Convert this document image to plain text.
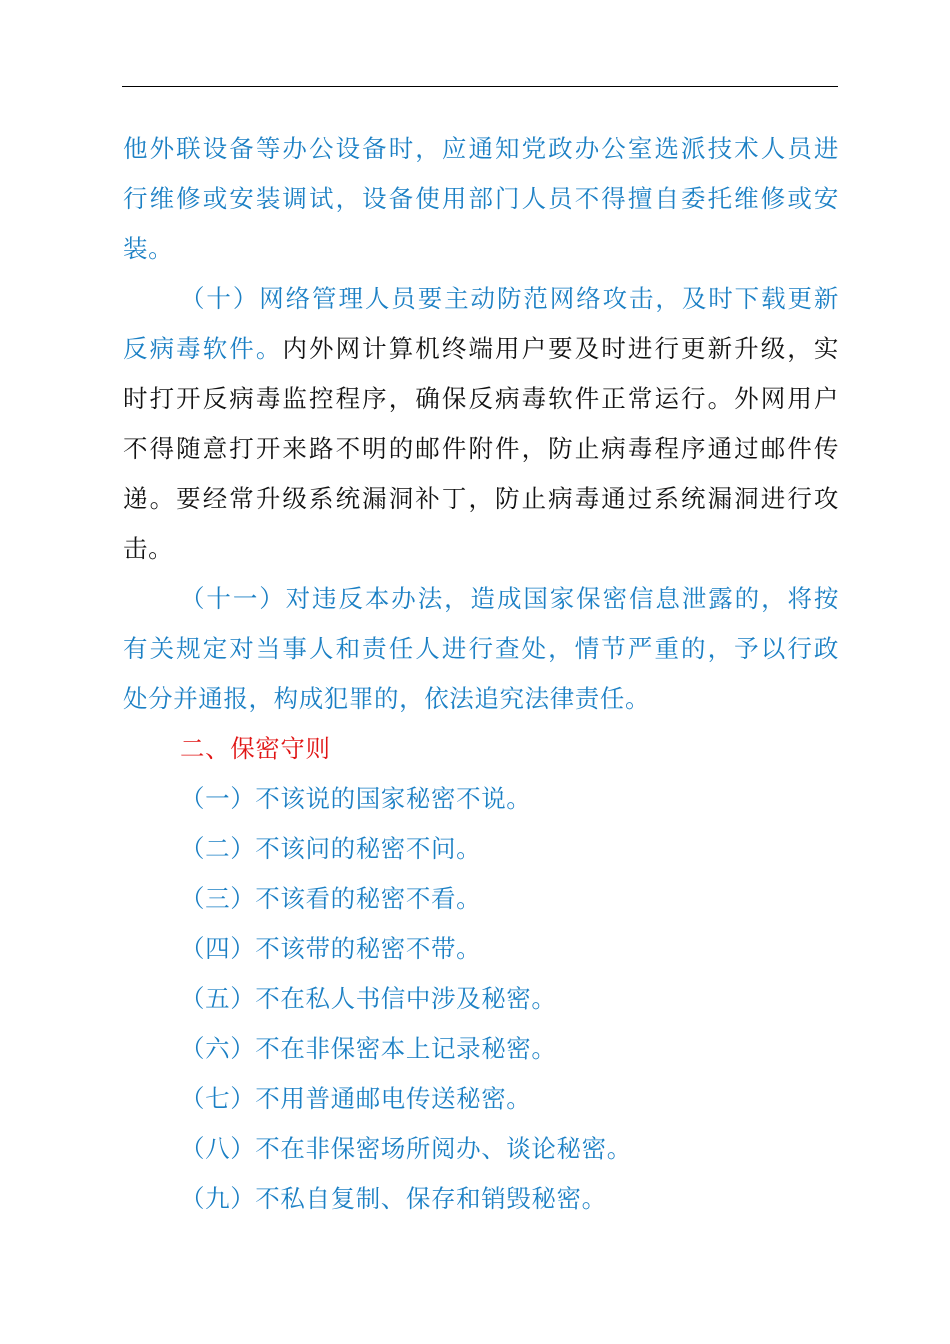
他外联设备等办公设备时，应通知党政办公室选派技术人员进
行维修或安装调试，设备使用部门人员不得擅自委托维修或安
装。
（十）网络管理人员要主动防范网络攻击，及时下载更新
反病毒软件。内外网计算机终端用户要及时进行更新升级，实
时打开反病毒监控程序，确保反病毒软件正常运行。外网用户
不得随意打开来路不明的邮件附件，防止病毒程序通过邮件传
递。要经常升级系统漏洞补丁，防止病毒通过系统漏洞进行攻
击。
（十一）对违反本办法，造成国家保密信息泄露的，将按
有关规定对当事人和责任人进行查处，情节严重的，予以行政
处分并通报，构成犯罪的，依法追究法律责任。
二、保密守则
（一）不该说的国家秘密不说。
（二）不该问的秘密不问。
（三）不该看的秘密不看。
（四）不该带的秘密不带。
（五）不在私人书信中涉及秘密。
（六）不在非保密本上记录秘密。
（七）不用普通邮电传送秘密。
（八）不在非保密场所阅办、谈论秘密。
（九）不私自复制、保存和销毁秘密。
